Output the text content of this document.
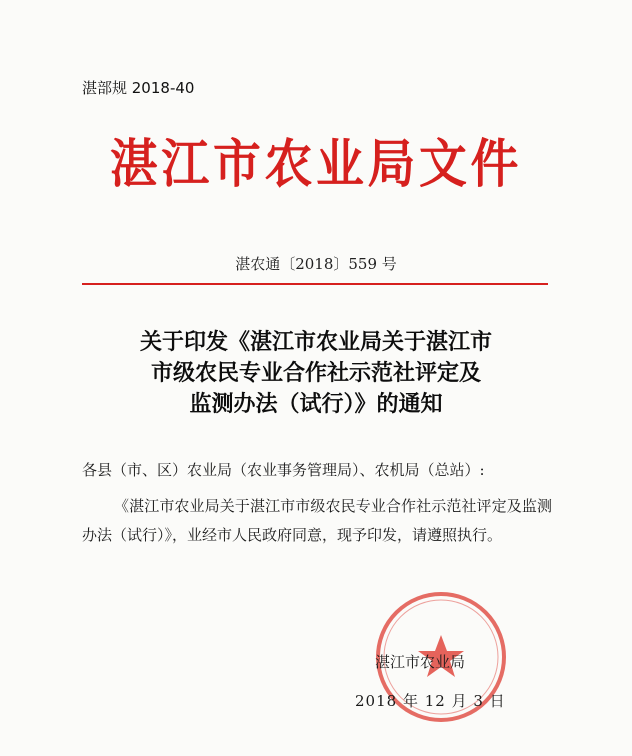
湛部规 2018-40
湛江市农业局文件
湛农通〔2018〕559 号
关于印发《湛江市农业局关于湛江市
市级农民专业合作社示范社评定及
监测办法（试行）》的通知
各县（市、区）农业局（农业事务管理局）、农机局（总站）:
《湛江市农业局关于湛江市市级农民专业合作社示范社评定及监测办法（试行）》，业经市人民政府同意，现予印发，请遵照执行。
湛江市农业局
2018 年 12 月 3 日
